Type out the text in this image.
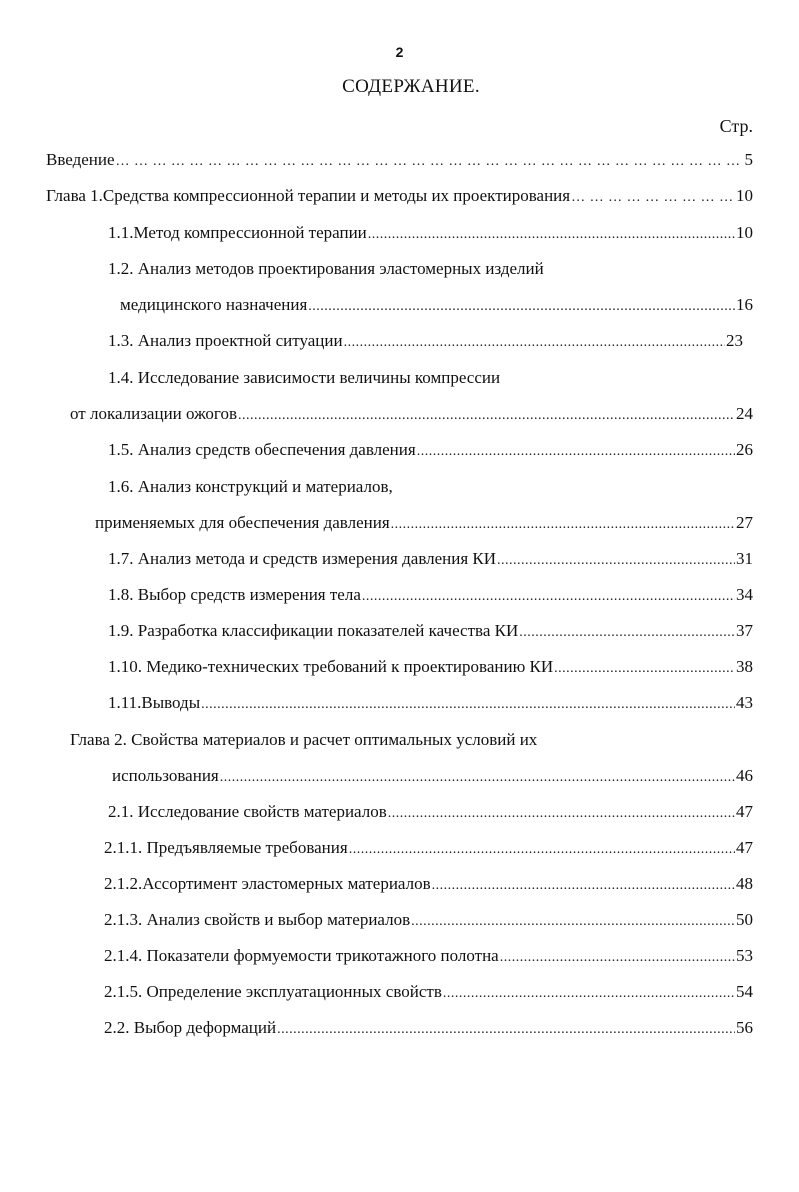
2
СОДЕРЖАНИЕ.
Стр.
Введение … … … … … … … … … … … … … … … … … … … … … … … … … … … … … … … … … … … … … … … … … …	5
Глава 1.Средства компрессионной терапии и методы их проектирования … … … … … … … … … … … … … … … … … … … … … … … … … … … … … … … … … … … … … … … … … …	10
1.1.Метод компрессионной терапии .....	10
1.2. Анализ методов проектирования эластомерных изделий
медицинского назначения .....	16
1.3. Анализ проектной ситуации .....	23
1.4. Исследование зависимости величины компрессии
от локализации ожогов .....	24
1.5. Анализ средств обеспечения давления .....	26
1.6. Анализ конструкций и материалов,
применяемых для обеспечения давления .....	27
1.7. Анализ метода и средств измерения давления КИ .....	31
1.8. Выбор средств измерения тела .....	34
1.9. Разработка классификации показателей качества КИ .....	37
1.10. Медико-технических требований к проектированию КИ .....	38
1.11.Выводы .....	43
Глава 2. Свойства материалов и расчет оптимальных условий их
использования .....	46
2.1. Исследование свойств материалов .....	47
2.1.1. Предъявляемые требования .....	47
2.1.2.Ассортимент эластомерных материалов .....	48
2.1.3. Анализ свойств и выбор материалов .....	50
2.1.4. Показатели формуемости трикотажного полотна .....	53
2.1.5. Определение эксплуатационных свойств .....	54
2.2. Выбор деформаций .....	56
